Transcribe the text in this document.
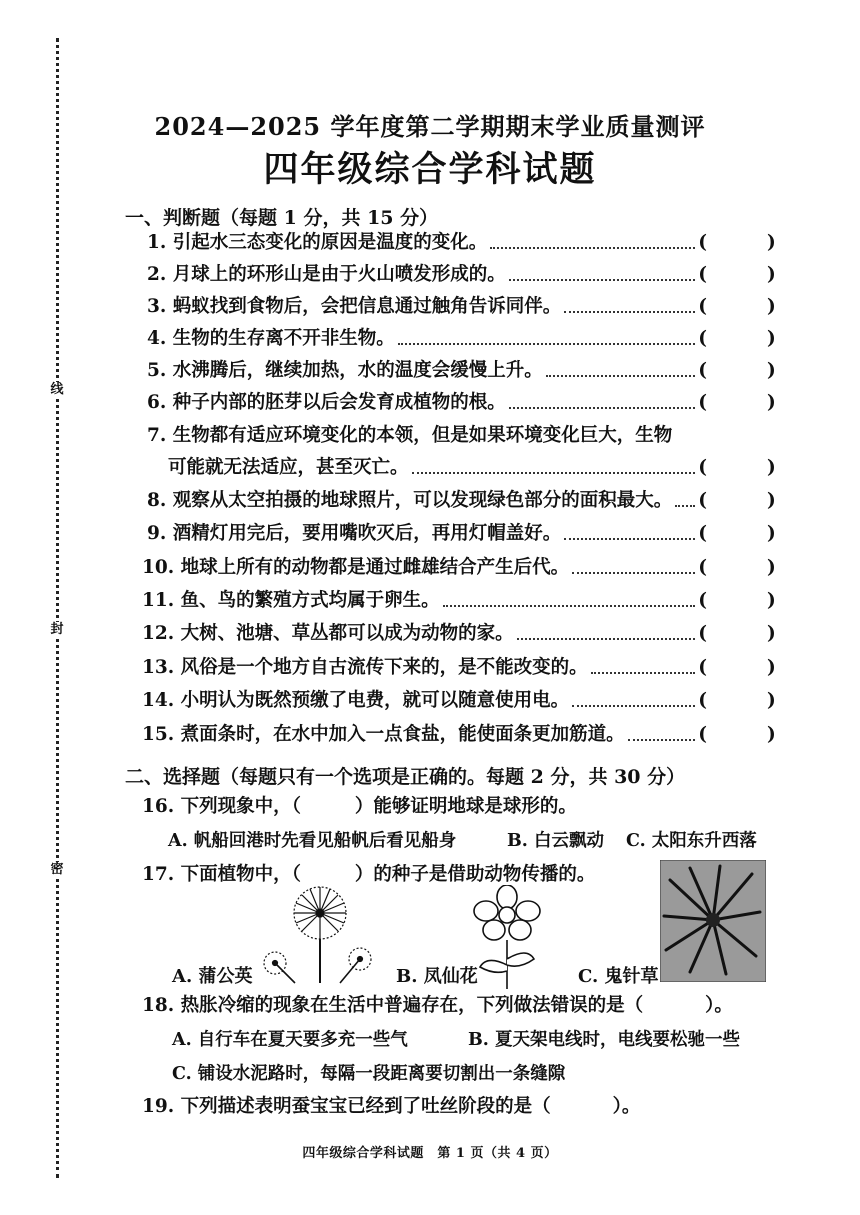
线
封
密
2024—2025 学年度第二学期期末学业质量测评
四年级综合学科试题
一、判断题（每题 1 分，共 15 分）
1. 引起水三态变化的原因是温度的变化。	(	)
2. 月球上的环形山是由于火山喷发形成的。	(	)
3. 蚂蚁找到食物后，会把信息通过触角告诉同伴。	(	)
4. 生物的生存离不开非生物。	(	)
5. 水沸腾后，继续加热，水的温度会缓慢上升。	(	)
6. 种子内部的胚芽以后会发育成植物的根。	(	)
7. 生物都有适应环境变化的本领，但是如果环境变化巨大，生物
可能就无法适应，甚至灭亡。	(	)
8. 观察从太空拍摄的地球照片，可以发现绿色部分的面积最大。 (	)
9. 酒精灯用完后，要用嘴吹灭后，再用灯帽盖好。	(	)
10. 地球上所有的动物都是通过雌雄结合产生后代。	(	)
11. 鱼、鸟的繁殖方式均属于卵生。	(	)
12. 大树、池塘、草丛都可以成为动物的家。	(	)
13. 风俗是一个地方自古流传下来的，是不能改变的。	(	)
14. 小明认为既然预缴了电费，就可以随意使用电。	(	)
15. 煮面条时，在水中加入一点食盐，能使面条更加筋道。	(	)
二、选择题（每题只有一个选项是正确的。每题 2 分，共 30 分）
16. 下列现象中，（	）能够证明地球是球形的。
A. 帆船回港时先看见船帆后看见船身	B. 白云飘动 C. 太阳东升西落
17. 下面植物中，（	）的种子是借助动物传播的。
A. 蒲公英	B. 凤仙花	C. 鬼针草
18. 热胀冷缩的现象在生活中普遍存在，下列做法错误的是（	）。
A. 自行车在夏天要多充一些气	B. 夏天架电线时，电线要松驰一些
C. 铺设水泥路时，每隔一段距离要切割出一条缝隙
19. 下列描述表明蚕宝宝已经到了吐丝阶段的是（	）。
四年级综合学科试题　第 1 页（共 4 页）
